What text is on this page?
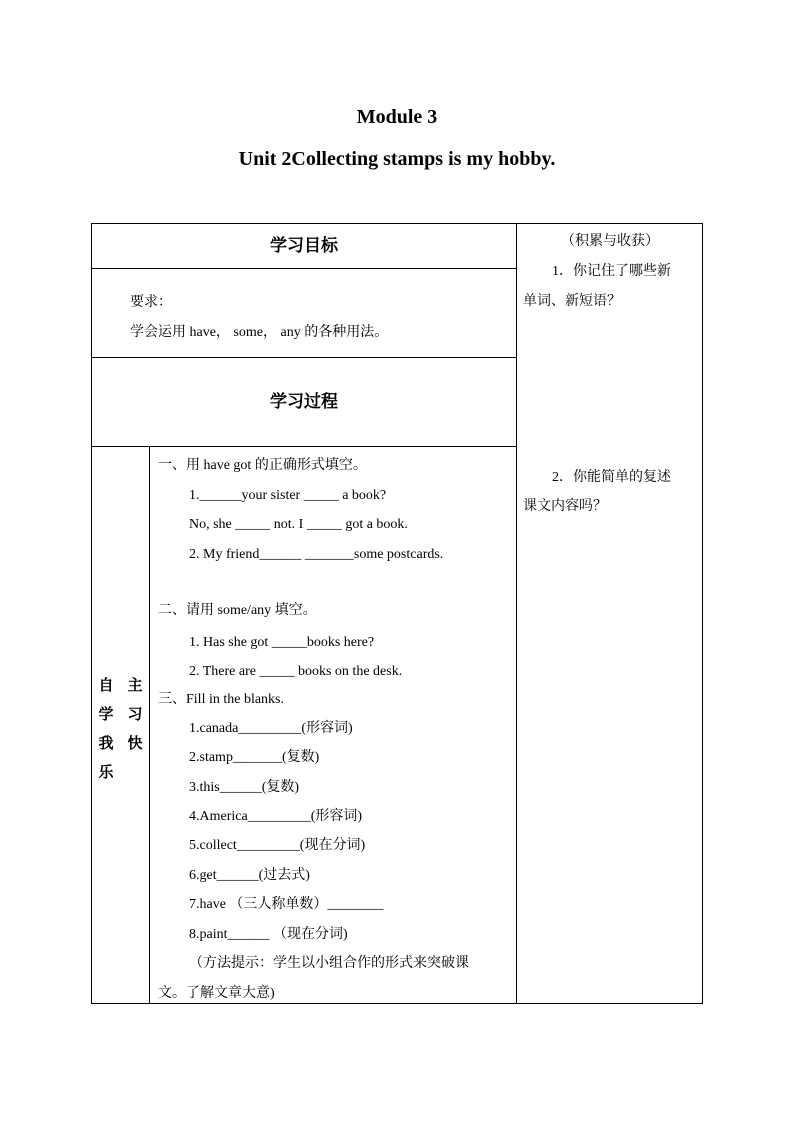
Module 3
Unit 2Collecting stamps is my hobby.
学习目标
要求：
学会运用 have， some， any 的各种用法。
学习过程
自
学
我
乐
主
习
快
一、用 have got 的正确形式填空。
1.______your sister _____ a book?
No, she _____ not. I _____ got a book.
2. My friend______ _______some postcards.
二、请用 some/any 填空。
1. Has she got _____books here?
2. There are _____ books on the desk.
三、Fill in the blanks.
1.canada_________(形容词)
2.stamp_______(复数)
3.this______(复数)
4.America_________(形容词)
5.collect_________(现在分词)
6.get______(过去式)
7.have （三人称单数）________
8.paint______ （现在分词)
（方法提示：学生以小组合作的形式来突破课
文。了解文章大意)
（积累与收获）
1．你记住了哪些新
单词、新短语？
2．你能简单的复述
课文内容吗？
